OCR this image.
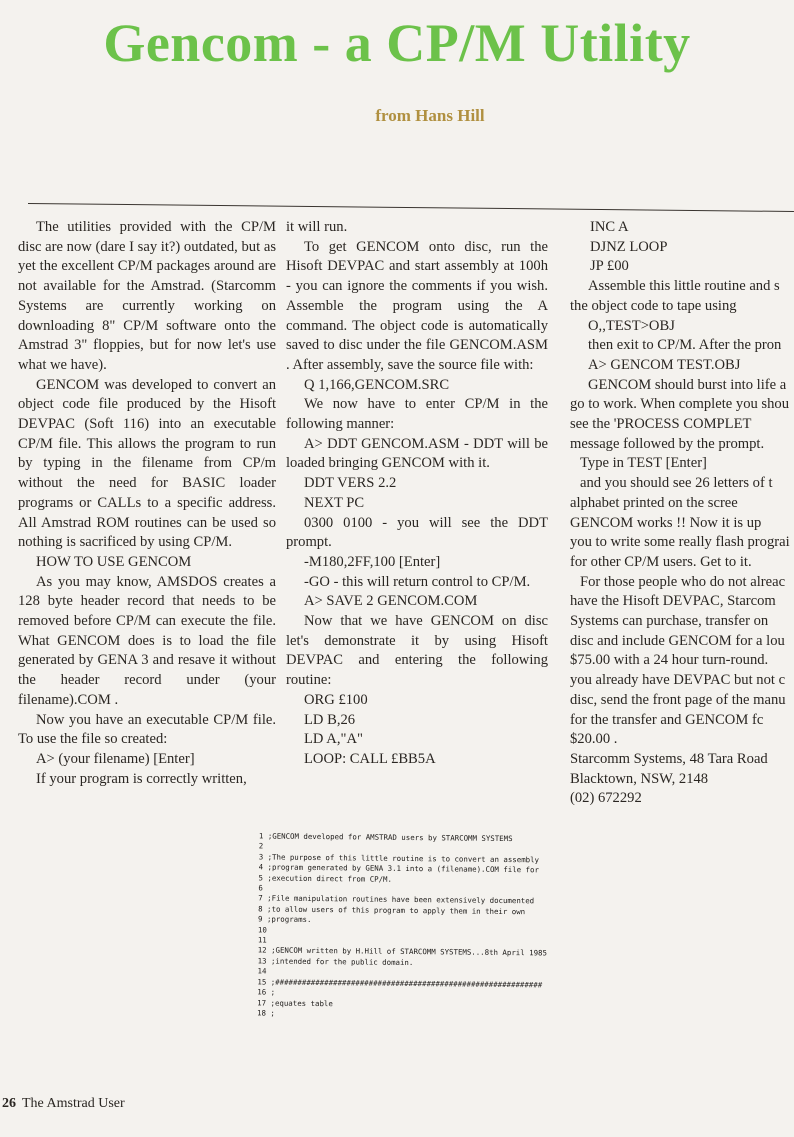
Gencom - a CP/M Utility
from Hans Hill

The utilities provided with the CP/M disc are now (dare I say it?) outdated, but as yet the excellent CP/M packages around are not available for the Amstrad. (Starcomm Systems are currently working on downloading 8" CP/M software onto the Amstrad 3" floppies, but for now let's use what we have).

GENCOM was developed to convert an object code file produced by the Hisoft DEVPAC (Soft 116) into an executable CP/M file. This allows the program to run by typing in the filename from CP/m without the need for BASIC loader programs or CALLs to a specific address. All Amstrad ROM routines can be used so nothing is sacrificed by using CP/M.

HOW TO USE GENCOM

As you may know, AMSDOS creates a 128 byte header record that needs to be removed before CP/M can execute the file. What GENCOM does is to load the file generated by GENA 3 and resave it without the header record under (your filename).COM .

Now you have an executable CP/M file. To use the file so created:

A> (your filename) [Enter]

If your program is correctly written,

it will run.

To get GENCOM onto disc, run the Hisoft DEVPAC and start assembly at 100h - you can ignore the comments if you wish. Assemble the program using the A command. The object code is automatically saved to disc under the file GENCOM.ASM . After assembly, save the source file with:

Q 1,166,GENCOM.SRC

We now have to enter CP/M in the following manner:

A> DDT GENCOM.ASM - DDT will be loaded bringing GENCOM with it.

DDT VERS 2.2

NEXT PC

0300 0100 - you will see the DDT prompt.

-M180,2FF,100 [Enter]

-GO - this will return control to CP/M.

A> SAVE 2 GENCOM.COM

Now that we have GENCOM on disc let's demonstrate it by using Hisoft DEVPAC and entering the following routine:

ORG £100

LD B,26

LD A,"A"

LOOP: CALL £BB5A

INC A

DJNZ LOOP

JP £00

Assemble this little routine and s

the object code to tape using

O,,TEST>OBJ

then exit to CP/M. After the pron

A> GENCOM TEST.OBJ

GENCOM should burst into life a

go to work. When complete you shou

see the 'PROCESS COMPLET

message followed by the prompt.

Type in TEST [Enter]

and you should see 26 letters of t

alphabet printed on the scree

GENCOM works !! Now it is up

you to write some really flash prograi

for other CP/M users. Get to it.

For those people who do not alreac

have the Hisoft DEVPAC, Starcom

Systems can purchase, transfer on

disc and include GENCOM for a lou

$75.00 with a 24 hour turn-round.

you already have DEVPAC but not c

disc, send the front page of the manu

for the transfer and GENCOM fc

$20.00 .

Starcomm Systems, 48 Tara Road

Blacktown, NSW, 2148

(02) 672292

1 ;GENCOM developed for AMSTRAD users by STARCOMM SYSTEMS
2
3 ;The purpose of this little routine is to convert an assembly
4 ;program generated by GENA 3.1 into a (filename).COM file for
5 ;execution direct from CP/M.
6
7 ;File manipulation routines have been extensively documented
8 ;to allow users of this program to apply them in their own
9 ;programs.
10
11
12 ;GENCOM written by H.Hill of STARCOMM SYSTEMS...8th April 1985
13 ;intended for the public domain.
14
15 ;############################################################
16 ;
17 ;equates table
18 ;
26 The Amstrad User
